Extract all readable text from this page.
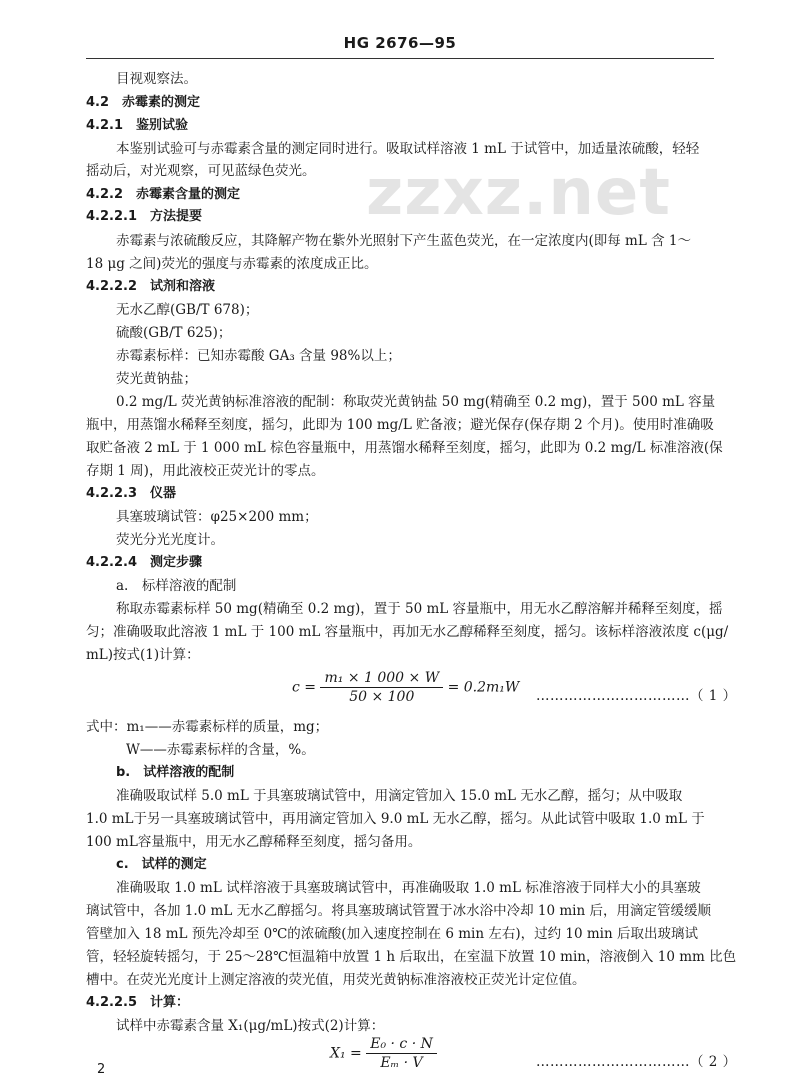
HG 2676—95
zzxz.net
目视观察法。
4.2　赤霉素的测定
4.2.1　鉴别试验
本鉴别试验可与赤霉素含量的测定同时进行。吸取试样溶液 1 mL 于试管中，加适量浓硫酸，轻轻
摇动后，对光观察，可见蓝绿色荧光。
4.2.2　赤霉素含量的测定
4.2.2.1　方法提要
赤霉素与浓硫酸反应，其降解产物在紫外光照射下产生蓝色荧光，在一定浓度内(即每 mL 含 1～
18 μg 之间)荧光的强度与赤霉素的浓度成正比。
4.2.2.2　试剂和溶液
无水乙醇(GB/T 678)；
硫酸(GB/T 625)；
赤霉素标样：已知赤霉酸 GA₃ 含量 98%以上；
荧光黄钠盐；
0.2 mg/L 荧光黄钠标准溶液的配制：称取荧光黄钠盐 50 mg(精确至 0.2 mg)，置于 500 mL 容量
瓶中，用蒸馏水稀释至刻度，摇匀，此即为 100 mg/L 贮备液；避光保存(保存期 2 个月)。使用时准确吸
取贮备液 2 mL 于 1 000 mL 棕色容量瓶中，用蒸馏水稀释至刻度，摇匀，此即为 0.2 mg/L 标准溶液(保
存期 1 周)，用此液校正荧光计的零点。
4.2.2.3　仪器
具塞玻璃试管：φ25×200 mm；
荧光分光光度计。
4.2.2.4　测定步骤
a.　标样溶液的配制
称取赤霉素标样 50 mg(精确至 0.2 mg)，置于 50 mL 容量瓶中，用无水乙醇溶解并稀释至刻度，摇
匀；准确吸取此溶液 1 mL 于 100 mL 容量瓶中，再加无水乙醇稀释至刻度，摇匀。该标样溶液浓度 c(μg/
mL)按式(1)计算：
$c = \frac{\text{m₁ × 1 000 × W}}{50 \times 100} = 0.2m_1W$
……………………………（ 1 ）
式中：m₁——赤霉素标样的质量，mg；
W——赤霉素标样的含量，%。
b.　试样溶液的配制
准确吸取试样 5.0 mL 于具塞玻璃试管中，用滴定管加入 15.0 mL 无水乙醇，摇匀；从中吸取
1.0 mL于另一具塞玻璃试管中，再用滴定管加入 9.0 mL 无水乙醇，摇匀。从此试管中吸取 1.0 mL 于
100 mL容量瓶中，用无水乙醇稀释至刻度，摇匀备用。
c.　试样的测定
准确吸取 1.0 mL 试样溶液于具塞玻璃试管中，再准确吸取 1.0 mL 标准溶液于同样大小的具塞玻
璃试管中，各加 1.0 mL 无水乙醇摇匀。将具塞玻璃试管置于冰水浴中冷却 10 min 后，用滴定管缓缓顺
管壁加入 18 mL 预先冷却至 0℃的浓硫酸(加入速度控制在 6 min 左右)，过约 10 min 后取出玻璃试
管，轻轻旋转摇匀，于 25～28℃恒温箱中放置 1 h 后取出，在室温下放置 10 min，溶液倒入 10 mm 比色
槽中。在荧光光度计上测定溶液的荧光值，用荧光黄钠标准溶液校正荧光计定位值。
4.2.2.5　计算：
试样中赤霉素含量 X₁(μg/mL)按式(2)计算：
$X_1 = \frac{\text{E₀ · c · N}}{\text{Eₘ · V}}$	……………………………（ 2 ）
2
